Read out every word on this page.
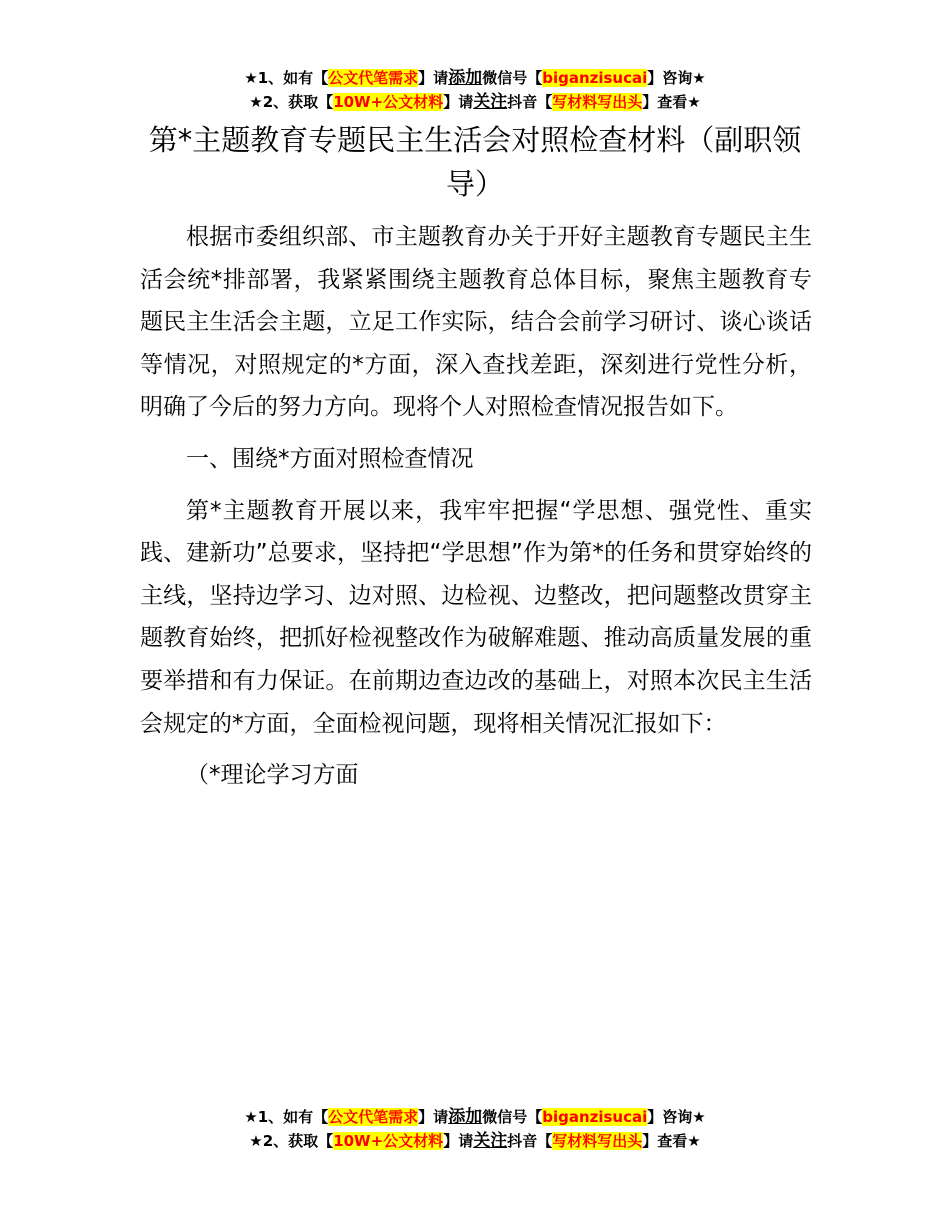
★1、如有【公文代笔需求】请添加微信号【biganzisucai】咨询★
★2、获取【10W+公文材料】请关注抖音【写材料写出头】查看★
第*主题教育专题民主生活会对照检查材料（副职领导）

根据市委组织部、市主题教育办关于开好主题教育专题民主生活会统*排部署，我紧紧围绕主题教育总体目标，聚焦主题教育专题民主生活会主题，立足工作实际，结合会前学习研讨、谈心谈话等情况，对照规定的*方面，深入查找差距，深刻进行党性分析，明确了今后的努力方向。现将个人对照检查情况报告如下。

一、围绕*方面对照检查情况

第*主题教育开展以来，我牢牢把握“学思想、强党性、重实践、建新功”总要求，坚持把“学思想”作为第*的任务和贯穿始终的主线，坚持边学习、边对照、边检视、边整改，把问题整改贯穿主题教育始终，把抓好检视整改作为破解难题、推动高质量发展的重要举措和有力保证。在前期边查边改的基础上，对照本次民主生活会规定的*方面，全面检视问题，现将相关情况汇报如下：

（*理论学习方面

★1、如有【公文代笔需求】请添加微信号【biganzisucai】咨询★
★2、获取【10W+公文材料】请关注抖音【写材料写出头】查看★
